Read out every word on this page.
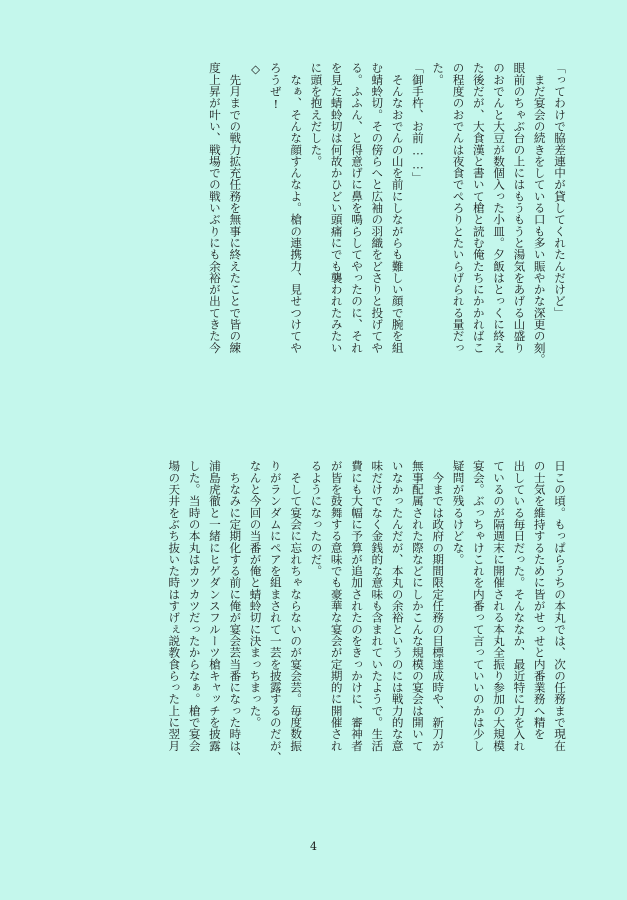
「ってわけで脇差連中が貸してくれたんだけど」
　まだ宴会の続きをしている口も多い賑やかな深更の刻。
眼前のちゃぶ台の上にはもうもうと湯気をあげる山盛り
のおでんと大豆が数個入った小皿。夕飯はとっくに終え
た後だが、大食漢と書いて槍と読む俺たちにかかればこ
の程度のおでんは夜食でぺろりとたいらげられる量だっ
た。
「御手杵、お前……」
　そんなおでんの山を前にしながらも難しい顔で腕を組
む蜻蛉切。その傍らへと広袖の羽織をどさりと投げてや
る。ふふん、と得意げに鼻を鳴らしてやったのに、それ
を見た蜻蛉切は何故かひどい頭痛にでも襲われたみたい
に頭を抱えだした。
　なぁ、そんな顔すんなよ。槍の連携力、見せつけてや
ろうぜ!
◇
　先月までの戦力拡充任務を無事に終えたことで皆の練
度上昇が叶い、戦場での戦いぶりにも余裕が出てきた今
日この頃。もっぱらうちの本丸では、次の任務まで現在
の士気を維持するために皆がせっせと内番業務へ精を
出している毎日だった。そんななか、最近特に力を入れ
ているのが隔週末に開催される本丸全振り参加の大規模
宴会。ぶっちゃけこれを内番って言っていいのかは少し
疑問が残るけどな。
　今までは政府の期間限定任務の目標達成時や、新刀が
無事配属された際などにしかこんな規模の宴会は開いて
いなかったんだが、本丸の余裕というのには戦力的な意
味だけでなく金銭的な意味も含まれていたようで。生活
費にも大幅に予算が追加されたのをきっかけに、審神者
が皆を鼓舞する意味でも豪華な宴会が定期的に開催され
るようになったのだ。
　そして宴会に忘れちゃならないのが宴会芸。毎度数振
りがランダムにペアを組まされて一芸を披露するのだが、
なんと今回の当番が俺と蜻蛉切に決まっちまった。
　ちなみに定期化する前に俺が宴会芸当番になった時は、
浦島虎徹と一緒にヒゲダンスフルーツ槍キャッチを披露
した。当時の本丸はカツカツだったからなぁ。槍で宴会
場の天井をぶち抜いた時はすげぇ説教食らった上に翌月
4
